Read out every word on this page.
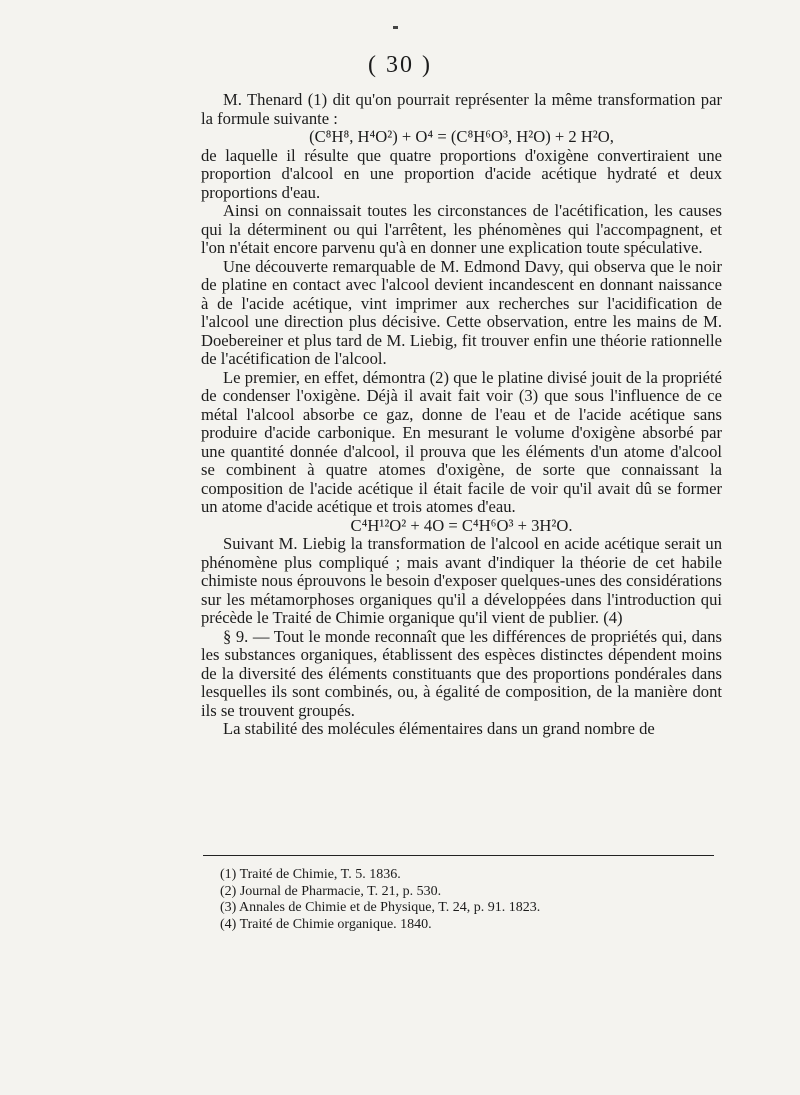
( 30 )

M. Thenard (1) dit qu'on pourrait représenter la même transformation par la formule suivante :

(C⁸H⁸, H⁴O²) + O⁴ = (C⁸H⁶O³, H²O) + 2 H²O,

de laquelle il résulte que quatre proportions d'oxigène convertiraient une proportion d'alcool en une proportion d'acide acétique hydraté et deux proportions d'eau.

Ainsi on connaissait toutes les circonstances de l'acétification, les causes qui la déterminent ou qui l'arrêtent, les phénomènes qui l'accompagnent, et l'on n'était encore parvenu qu'à en donner une explication toute spéculative.

Une découverte remarquable de M. Edmond Davy, qui observa que le noir de platine en contact avec l'alcool devient incandescent en donnant naissance à de l'acide acétique, vint imprimer aux recherches sur l'acidification de l'alcool une direction plus décisive. Cette observation, entre les mains de M. Doebereiner et plus tard de M. Liebig, fit trouver enfin une théorie rationnelle de l'acétification de l'alcool.

Le premier, en effet, démontra (2) que le platine divisé jouit de la propriété de condenser l'oxigène. Déjà il avait fait voir (3) que sous l'influence de ce métal l'alcool absorbe ce gaz, donne de l'eau et de l'acide acétique sans produire d'acide carbonique. En mesurant le volume d'oxigène absorbé par une quantité donnée d'alcool, il prouva que les éléments d'un atome d'alcool se combinent à quatre atomes d'oxigène, de sorte que connaissant la composition de l'acide acétique il était facile de voir qu'il avait dû se former un atome d'acide acétique et trois atomes d'eau.

C⁴H¹²O² + 4O = C⁴H⁶O³ + 3H²O.

Suivant M. Liebig la transformation de l'alcool en acide acétique serait un phénomène plus compliqué ; mais avant d'indiquer la théorie de cet habile chimiste nous éprouvons le besoin d'exposer quelques-unes des considérations sur les métamorphoses organiques qu'il a développées dans l'introduction qui précède le Traité de Chimie organique qu'il vient de publier. (4)

§ 9. — Tout le monde reconnaît que les différences de propriétés qui, dans les substances organiques, établissent des espèces distinctes dépendent moins de la diversité des éléments constituants que des proportions pondérales dans lesquelles ils sont combinés, ou, à égalité de composition, de la manière dont ils se trouvent groupés.

La stabilité des molécules élémentaires dans un grand nombre de

(1) Traité de Chimie, T. 5. 1836.
(2) Journal de Pharmacie, T. 21, p. 530.
(3) Annales de Chimie et de Physique, T. 24, p. 91. 1823.
(4) Traité de Chimie organique. 1840.
